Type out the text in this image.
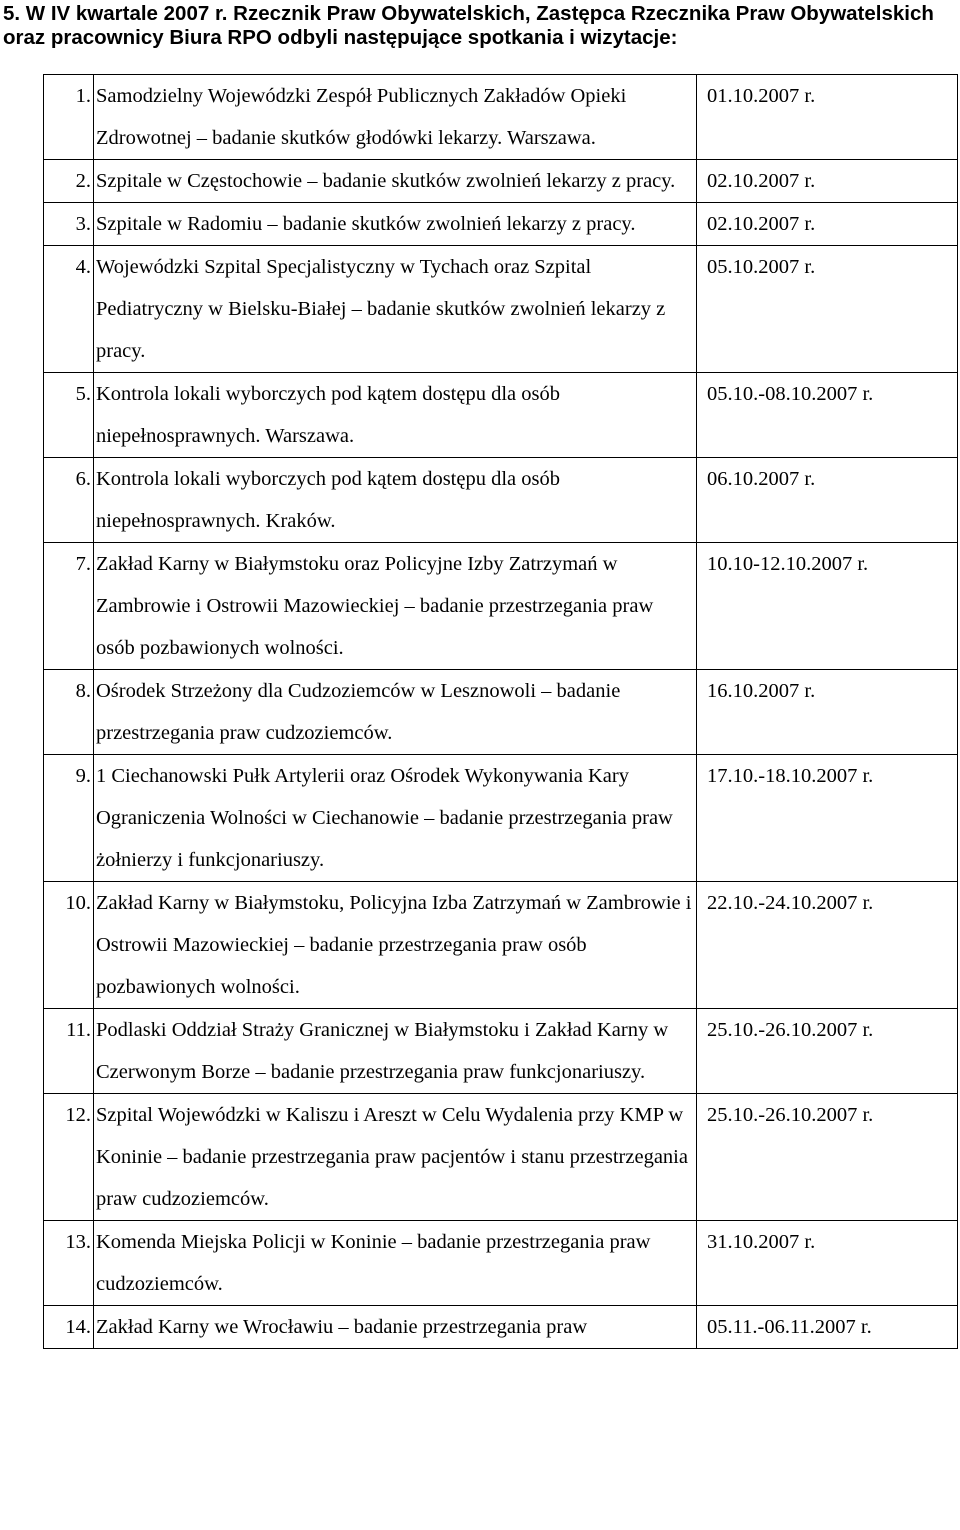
5. W IV kwartale 2007 r. Rzecznik Praw Obywatelskich, Zastępca Rzecznika Praw Obywatelskich oraz pracownicy Biura RPO odbyli następujące spotkania i wizytacje:
1.	Samodzielny Wojewódzki Zespół Publicznych Zakładów Opieki Zdrowotnej – badanie skutków głodówki lekarzy. Warszawa.	01.10.2007 r.
2.	Szpitale w Częstochowie – badanie skutków zwolnień lekarzy z pracy.	02.10.2007 r.
3.	Szpitale w Radomiu – badanie skutków zwolnień lekarzy z pracy.	02.10.2007 r.
4.	Wojewódzki Szpital Specjalistyczny w Tychach oraz Szpital Pediatryczny w Bielsku-Białej – badanie skutków zwolnień lekarzy z pracy.	05.10.2007 r.
5.	Kontrola lokali wyborczych pod kątem dostępu dla osób niepełnosprawnych. Warszawa.	05.10.-08.10.2007 r.
6.	Kontrola lokali wyborczych pod kątem dostępu dla osób niepełnosprawnych. Kraków.	06.10.2007 r.
7.	Zakład Karny w Białymstoku oraz Policyjne Izby Zatrzymań w Zambrowie i Ostrowii Mazowieckiej – badanie przestrzegania praw osób pozbawionych wolności.	10.10-12.10.2007 r.
8.	Ośrodek Strzeżony dla Cudzoziemców w Lesznowoli – badanie przestrzegania praw cudzoziemców.	16.10.2007 r.
9.	1 Ciechanowski Pułk Artylerii oraz Ośrodek Wykonywania Kary Ograniczenia Wolności w Ciechanowie – badanie przestrzegania praw żołnierzy i funkcjonariuszy.	17.10.-18.10.2007 r.
10.	Zakład Karny w Białymstoku, Policyjna Izba Zatrzymań w Zambrowie i Ostrowii Mazowieckiej – badanie przestrzegania praw osób pozbawionych wolności.	22.10.-24.10.2007 r.
11.	Podlaski Oddział Straży Granicznej w Białymstoku i Zakład Karny w Czerwonym Borze – badanie przestrzegania praw funkcjonariuszy.	25.10.-26.10.2007 r.
12.	Szpital Wojewódzki w Kaliszu i Areszt w Celu Wydalenia przy KMP w Koninie – badanie przestrzegania praw pacjentów i stanu przestrzegania praw cudzoziemców.	25.10.-26.10.2007 r.
13.	Komenda Miejska Policji w Koninie – badanie przestrzegania praw cudzoziemców.	31.10.2007 r.
14.	Zakład Karny we Wrocławiu – badanie przestrzegania praw	05.11.-06.11.2007 r.
